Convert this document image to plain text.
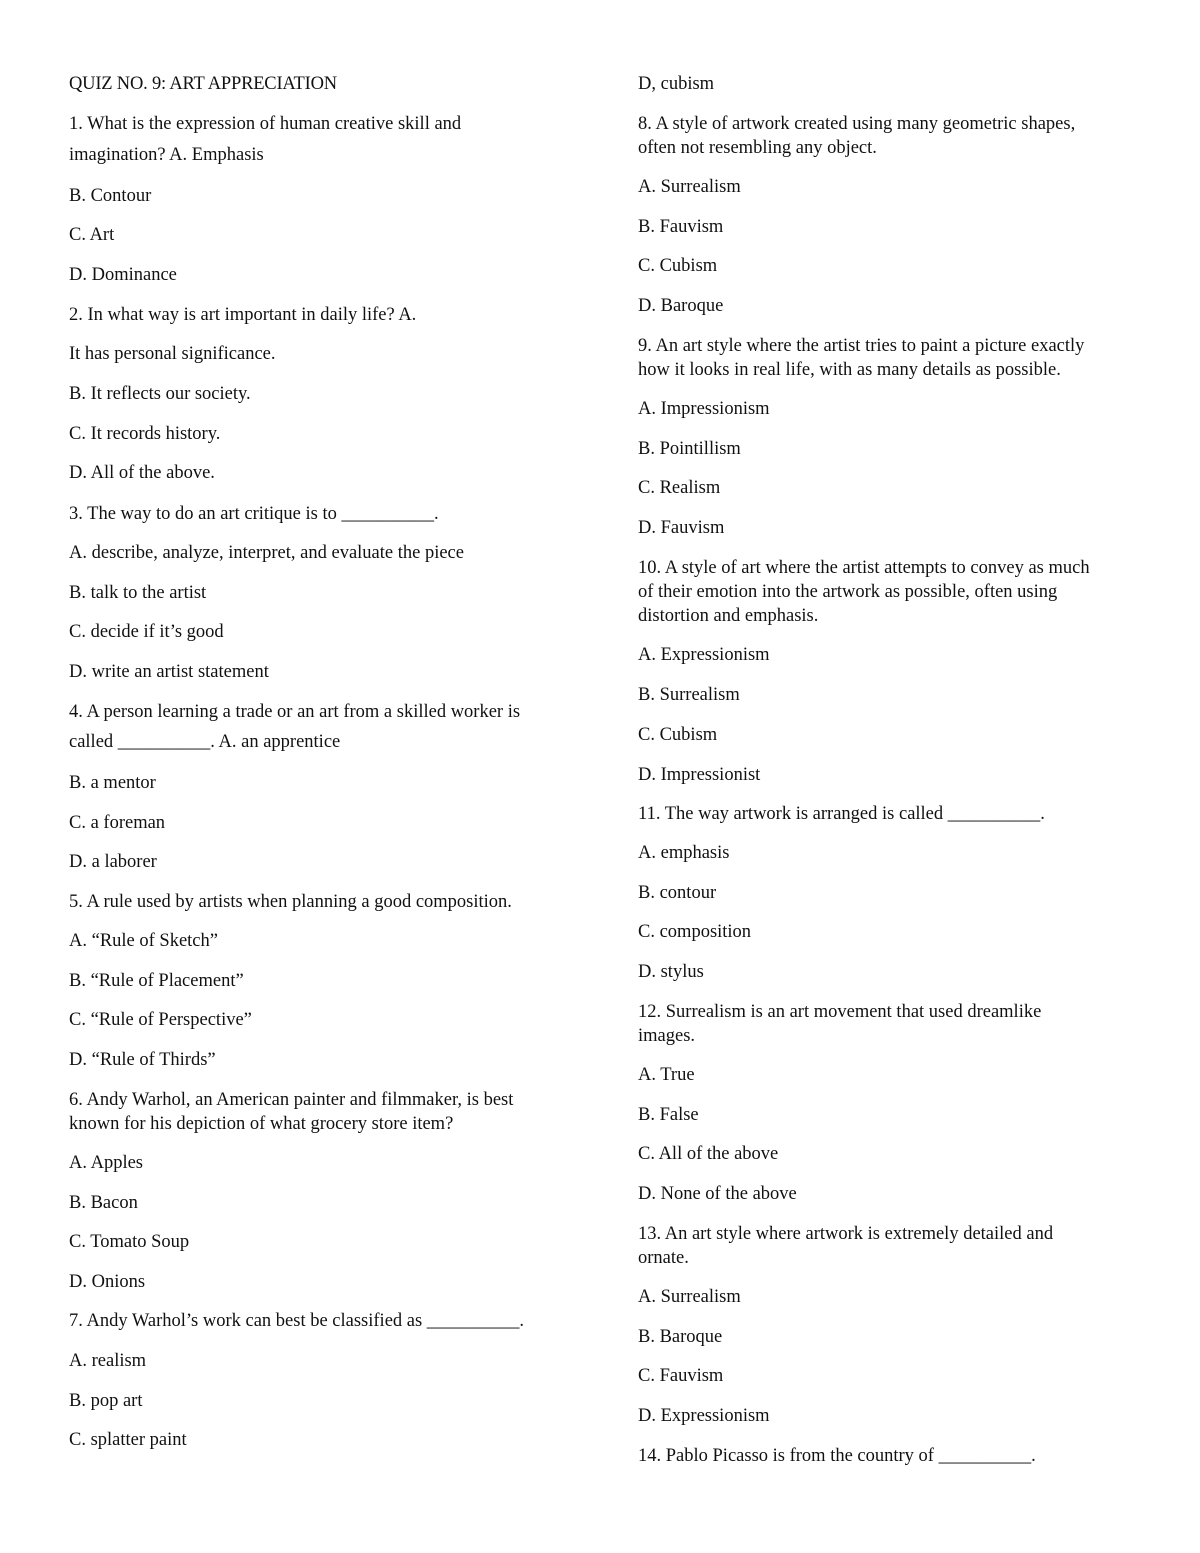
QUIZ NO. 9: ART APPRECIATION

1. What is the expression of human creative skill and

imagination? A. Emphasis

B. Contour

C. Art

D. Dominance

2. In what way is art important in daily life? A.

It has personal significance.

B. It reflects our society.

C. It records history.

D. All of the above.

3. The way to do an art critique is to __________.

A. describe, analyze, interpret, and evaluate the piece

B. talk to the artist

C. decide if it’s good

D. write an artist statement

4. A person learning a trade or an art from a skilled worker is

called __________. A. an apprentice

B. a mentor

C. a foreman

D. a laborer

5. A rule used by artists when planning a good composition.

A. “Rule of Sketch”

B. “Rule of Placement”

C. “Rule of Perspective”

D. “Rule of Thirds”

6. Andy Warhol, an American painter and filmmaker, is best

known for his depiction of what grocery store item?

A. Apples

B. Bacon

C. Tomato Soup

D. Onions

7. Andy Warhol’s work can best be classified as __________.

A. realism

B. pop art

C. splatter paint

D, cubism

8. A style of artwork created using many geometric shapes,

often not resembling any object.

A. Surrealism

B. Fauvism

C. Cubism

D. Baroque

9. An art style where the artist tries to paint a picture exactly

how it looks in real life, with as many details as possible.

A. Impressionism

B. Pointillism

C. Realism

D. Fauvism

10. A style of art where the artist attempts to convey as much

of their emotion into the artwork as possible, often using

distortion and emphasis.

A. Expressionism

B. Surrealism

C. Cubism

D. Impressionist

11. The way artwork is arranged is called __________.

A. emphasis

B. contour

C. composition

D. stylus

12. Surrealism is an art movement that used dreamlike

images.

A. True

B. False

C. All of the above

D. None of the above

13. An art style where artwork is extremely detailed and

ornate.

A. Surrealism

B. Baroque

C. Fauvism

D. Expressionism

14. Pablo Picasso is from the country of __________.
